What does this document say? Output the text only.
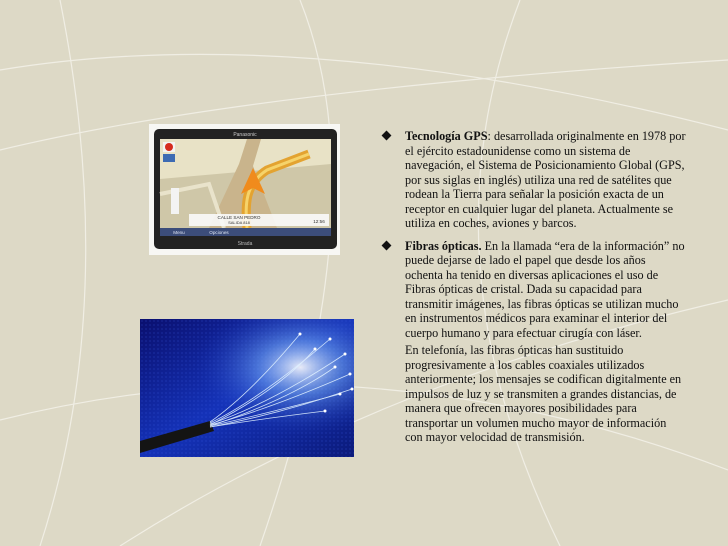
Panasonic
CALLE SAN PEDRO
SALIDA 818	12:56
Menu	Opciones
Strada

Tecnología GPS: desarrollada originalmente en 1978 por el ejército estadounidense como un sistema de navegación, el Sistema de Posicionamiento Global (GPS, por sus siglas en inglés) utiliza una red de satélites que rodean la Tierra para señalar la posición exacta de un receptor en cualquier lugar del planeta. Actualmente se utiliza en coches, aviones y barcos.

Fibras ópticas. En la llamada “era de la información” no puede dejarse de lado el papel que desde los años ochenta ha tenido en diversas aplicaciones el uso de Fibras ópticas de cristal. Dada su capacidad para transmitir imágenes, las fibras ópticas se utilizan mucho en instrumentos médicos para examinar el interior del cuerpo humano y para efectuar cirugía con láser.

En telefonía, las fibras ópticas han sustituido progresivamente a los cables coaxiales utilizados anteriormente; los mensajes se codifican digitalmente en impulsos de luz y se transmiten a grandes distancias, de manera que ofrecen mayores posibilidades para transportar un volumen mucho mayor de información con mayor velocidad de transmisión.
